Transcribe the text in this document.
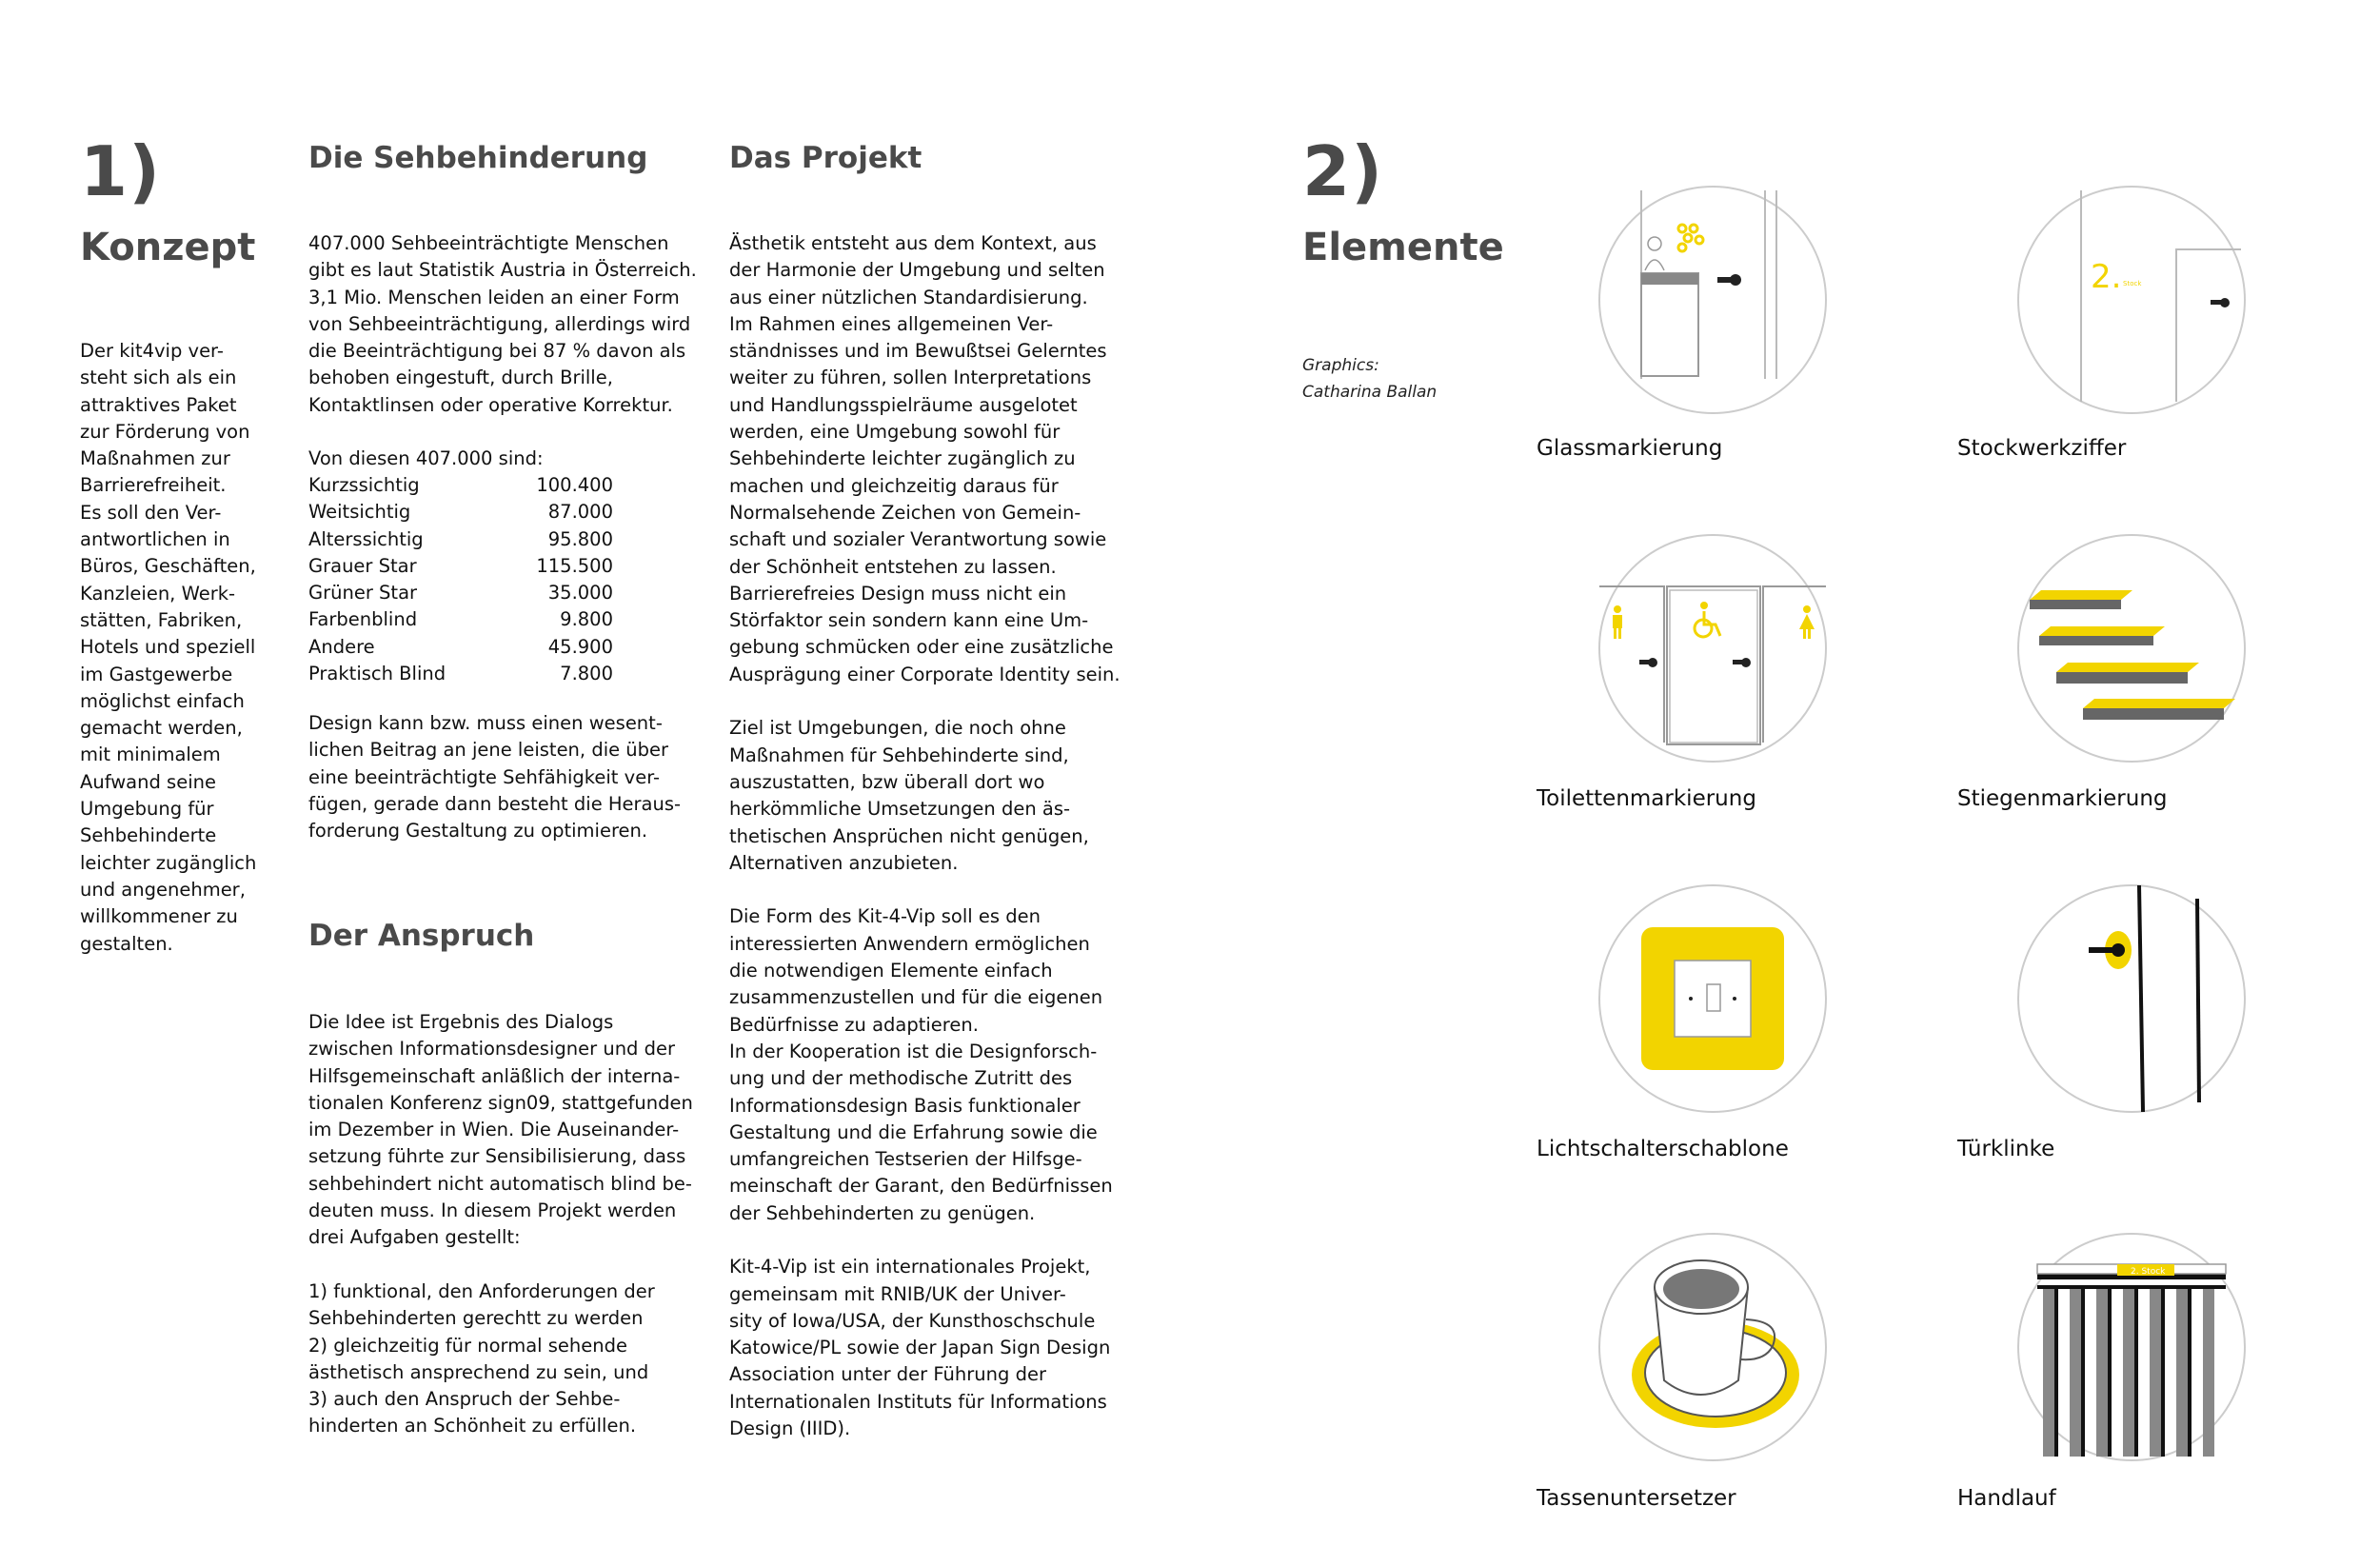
1)
Konzept
Der kit4vip ver-
steht sich als ein
attraktives Paket
zur Förderung von
Maßnahmen zur
Barrierefreiheit.
Es soll den Ver-
antwortlichen in
Büros, Geschäften,
Kanzleien, Werk-
stätten, Fabriken,
Hotels und speziell
im Gastgewerbe
möglichst einfach
gemacht werden,
mit minimalem
Aufwand seine
Umgebung für
Sehbehinderte
leichter zugänglich
und angenehmer,
willkommener zu
gestalten.
Die Sehbehinderung
407.000 Sehbeeinträchtigte Menschen
gibt es laut Statistik Austria in Österreich.
3,1 Mio. Menschen leiden an einer Form
von Sehbeeinträchtigung, allerdings wird
die Beeinträchtigung bei 87 % davon als
behoben eingestuft, durch Brille,
Kontaktlinsen oder operative Korrektur.
Von diesen 407.000 sind:
Kurzssichtig	100.400
Weitsichtig	87.000
Alterssichtig	95.800
Grauer Star	115.500
Grüner Star	35.000
Farbenblind	9.800
Andere	45.900
Praktisch Blind	7.800
Design kann bzw. muss einen wesent-
lichen Beitrag an jene leisten, die über
eine beeinträchtigte Sehfähigkeit ver-
fügen, gerade dann besteht die Heraus-
forderung Gestaltung zu optimieren.
Der Anspruch
Die Idee ist Ergebnis des Dialogs
zwischen Informationsdesigner und der
Hilfsgemeinschaft anläßlich der interna-
tionalen Konferenz sign09, stattgefunden
im Dezember in Wien. Die Auseinander-
setzung führte zur Sensibilisierung, dass
sehbehindert nicht automatisch blind be-
deuten muss. In diesem Projekt werden
drei Aufgaben gestellt:

1) funktional, den Anforderungen der
Sehbehinderten gerechtt zu werden
2) gleichzeitig für normal sehende
ästhetisch ansprechend zu sein, und
3) auch den Anspruch der Sehbe-
hinderten an Schönheit zu erfüllen.
Das Projekt
Ästhetik entsteht aus dem Kontext, aus
der Harmonie der Umgebung und selten
aus einer nützlichen Standardisierung.
Im Rahmen eines allgemeinen Ver-
ständnisses und im Bewußtsei Gelerntes
weiter zu führen, sollen Interpretations
und Handlungsspielräume ausgelotet
werden, eine Umgebung sowohl für
Sehbehinderte leichter zugänglich zu
machen und gleichzeitig daraus für
Normalsehende Zeichen von Gemein-
schaft und sozialer Verantwortung sowie
der Schönheit entstehen zu lassen.
Barrierefreies Design muss nicht ein
Störfaktor sein sondern kann eine Um-
gebung schmücken oder eine zusätzliche
Ausprägung einer Corporate Identity sein.

Ziel ist Umgebungen, die noch ohne
Maßnahmen für Sehbehinderte sind,
auszustatten, bzw überall dort wo
herkömmliche Umsetzungen den äs-
thetischen Ansprüchen nicht genügen,
Alternativen anzubieten.

Die Form des Kit-4-Vip soll es den
interessierten Anwendern ermöglichen
die notwendigen Elemente einfach
zusammenzustellen und für die eigenen
Bedürfnisse zu adaptieren.
In der Kooperation ist die Designforsch-
ung und der methodische Zutritt des
Informationsdesign Basis funktionaler
Gestaltung und die Erfahrung sowie die
umfangreichen Testserien der Hilfsge-
meinschaft der Garant, den Bedürfnissen
der Sehbehinderten zu genügen.

Kit-4-Vip ist ein internationales Projekt,
gemeinsam mit RNIB/UK der Univer-
sity of Iowa/USA, der Kunsthoschschule
Katowice/PL sowie der Japan Sign Design
Association unter der Führung der
Internationalen Instituts für Informations
Design (IIID).
2)
Elemente
Graphics:
Catharina Ballan
Glassmarkierung
2. Stock
Stockwerkziffer
Toilettenmarkierung	Stiegenmarkierung
Lichtschalterschablone	Türklinke
Tassenuntersetzer
2. Stock
Handlauf
